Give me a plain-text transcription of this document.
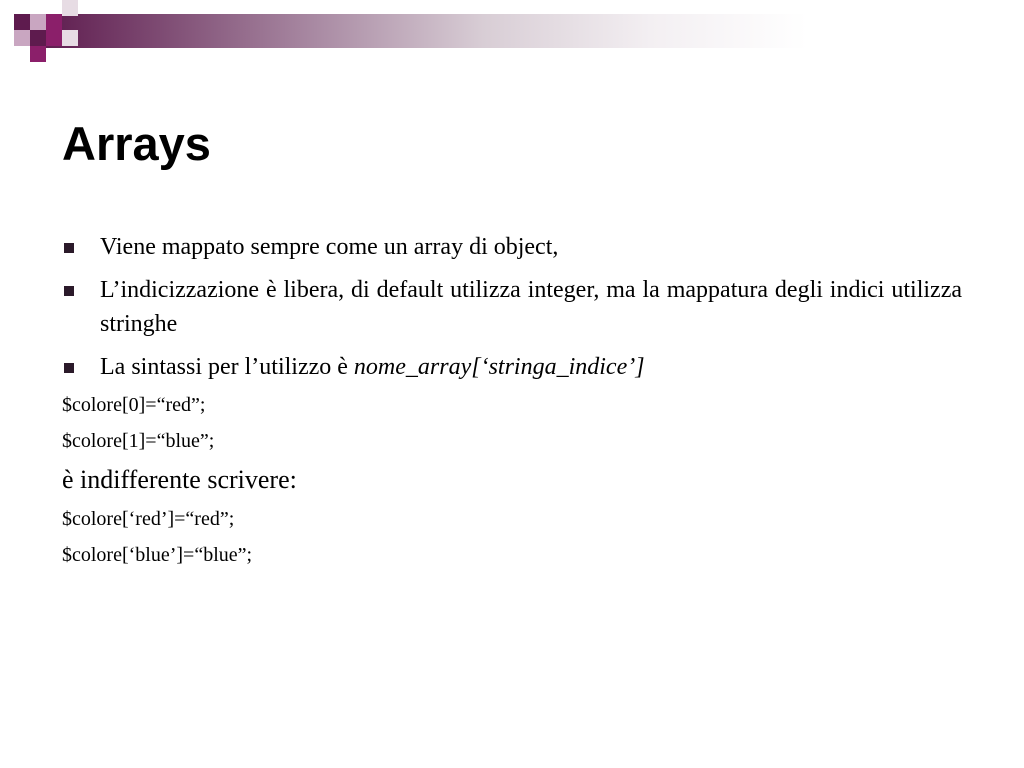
Arrays
Viene mappato sempre come un array di object,
L’indicizzazione è libera, di default utilizza integer, ma la mappatura degli indici utilizza stringhe
La sintassi per l’utilizzo è nome_array[‘stringa_indice’]

$colore[0]=“red”;

$colore[1]=“blue”;

è indifferente scrivere:

$colore[‘red’]=“red”;

$colore[‘blue’]=“blue”;
